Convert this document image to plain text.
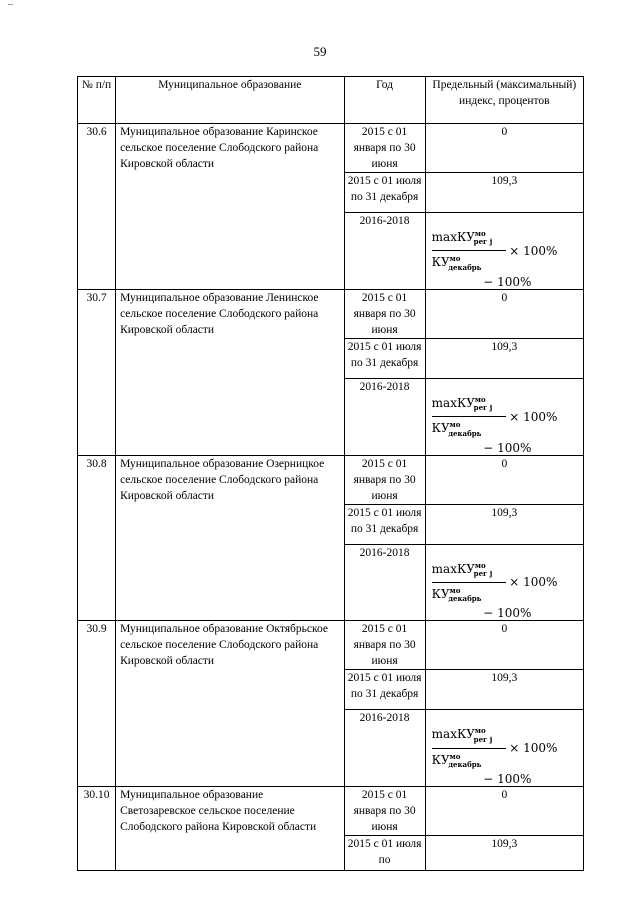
59
№ п/п	Муниципальное образование	Год	Предельный (максимальный) индекс, процентов
30.6	Муниципальное образование Каринское сельское поселение Слободского района Кировской области	2015 с 01 января по 30 июня	0
		2015 с 01 июля по 31 декабря	109,3
		2016-2018	$\frac{\max КУ^{мо}_{рег j}}{КУ^{мо}_{декабрь}} \times 100\%$
− 100%

30.7	Муниципальное образование Ленинское сельское поселение Слободского района Кировской области	2015 с 01 января по 30 июня	0
		2015 с 01 июля по 31 декабря	109,3
		2016-2018	$\frac{\max КУ^{мо}_{рег j}}{КУ^{мо}_{декабрь}} \times 100\%$
− 100%

30.8	Муниципальное образование Озерницкое сельское поселение Слободского района Кировской области	2015 с 01 января по 30 июня	0
		2015 с 01 июля по 31 декабря	109,3
		2016-2018	$\frac{\max КУ^{мо}_{рег j}}{КУ^{мо}_{декабрь}} \times 100\%$
− 100%

30.9	Муниципальное образование Октябрьское сельское поселение Слободского района Кировской области	2015 с 01 января по 30 июня	0
		2015 с 01 июля по 31 декабря	109,3
		2016-2018	$\frac{\max КУ^{мо}_{рег j}}{КУ^{мо}_{декабрь}} \times 100\%$
− 100%

30.10	Муниципальное образование Светозаревское сельское поселение Слободского района Кировской области	2015 с 01 января по 30 июня	0
		2015 с 01 июля по	109,3
